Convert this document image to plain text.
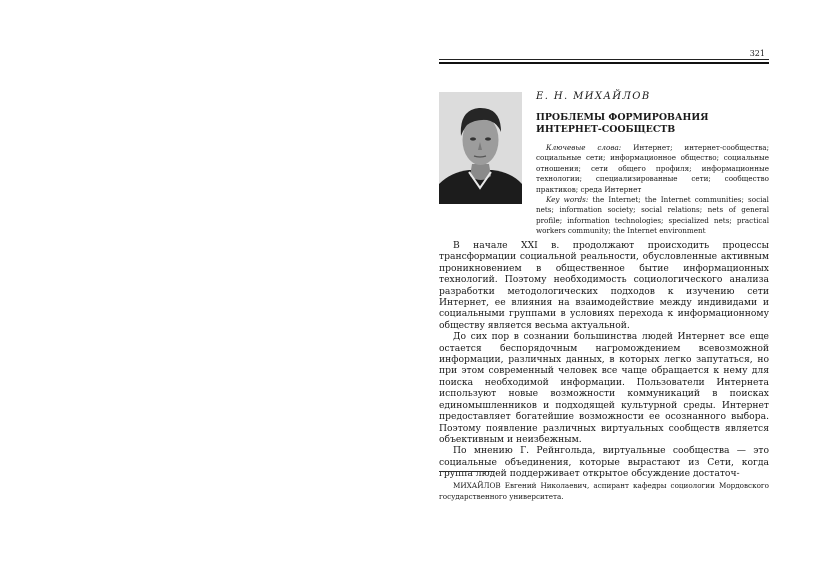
321
Е. Н. МИХАЙЛОВ
ПРОБЛЕМЫ ФОРМИРОВАНИЯ
ИНТЕРНЕТ-СООБЩЕСТВ

Ключевые слова: Интернет; интернет-сообщества; социальные сети; информационное общество; социальные отношения; сети общего профиля; информационные технологии; специализированные сети; сообщество практиков; среда Интернет

Key words: the Internet; the Internet communities; social nets; information society; social relations; nets of general profile; information technologies; specialized nets; practical workers community; the Internet environment

В начале XXI в. продолжают происходить процессы трансформации социальной реальности, обусловленные активным проникновением в общественное бытие информационных технологий. Поэтому необходимость социологического анализа разработки методологических подходов к изучению сети Интернет, ее влияния на взаимодействие между индивидами и социальными группами в условиях перехода к информационному обществу является весьма актуальной.

До сих пор в сознании большинства людей Интернет все еще остается беспорядочным нагромождением всевозможной информации, различных данных, в которых легко запутаться, но при этом современный человек все чаще обращается к нему для поиска необходимой информации. Пользователи Интернета используют новые возможности коммуникаций в поисках единомышленников и подходящей культурной среды. Интернет предоставляет богатейшие возможности ее осознанного выбора. Поэтому появление различных виртуальных сообществ является объективным и неизбежным.

По мнению Г. Рейнгольда, виртуальные сообщества — это социальные объединения, которые вырастают из Сети, когда группа людей поддерживает открытое обсуждение достаточ-

МИХАЙЛОВ Евгений Николаевич, аспирант кафедры социологии Мордовского государственного университета.
